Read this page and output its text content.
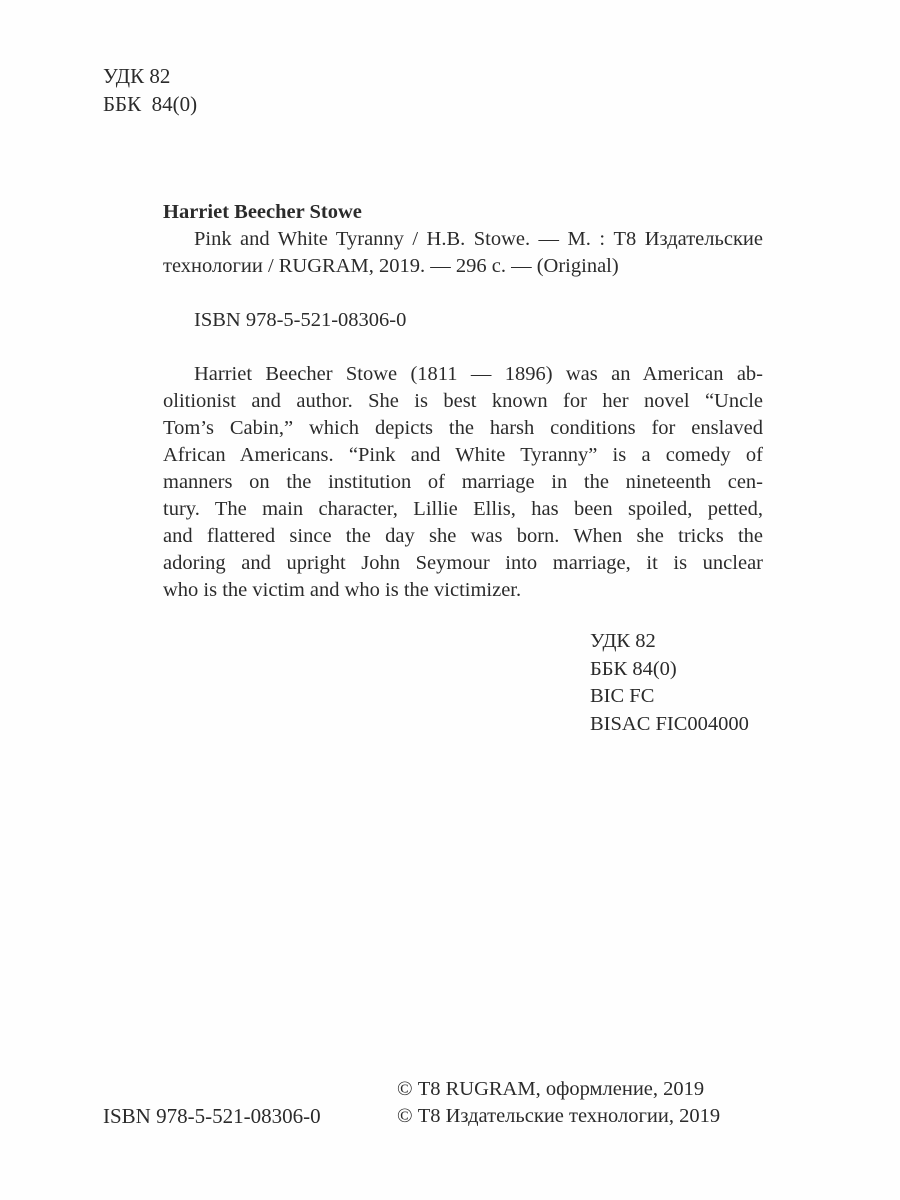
УДК 82
ББК  84(0)
Harriet Beecher Stowe
Pink and White Tyranny / H.B. Stowe. — М. : Т8 Издательские
технологии / RUGRAM, 2019. — 296 с. — (Original)
ISBN 978-5-521-08306-0
Harriet Beecher Stowe (1811 — 1896) was an American ab-
olitionist and author. She is best known for her novel “Uncle
Tom’s Cabin,” which depicts the harsh conditions for enslaved
African Americans. “Pink and White Tyranny” is a comedy of
manners on the institution of marriage in the nineteenth cen-
tury. The main character, Lillie Ellis, has been spoiled, petted,
and flattered since the day she was born. When she tricks the
adoring and upright John Seymour into marriage, it is unclear
who is the victim and who is the victimizer.
УДК 82
ББК 84(0)
BIC FC
BISAC FIC004000
ISBN 978-5-521-08306-0
© Т8 RUGRAM, оформление, 2019
© Т8 Издательские технологии, 2019
